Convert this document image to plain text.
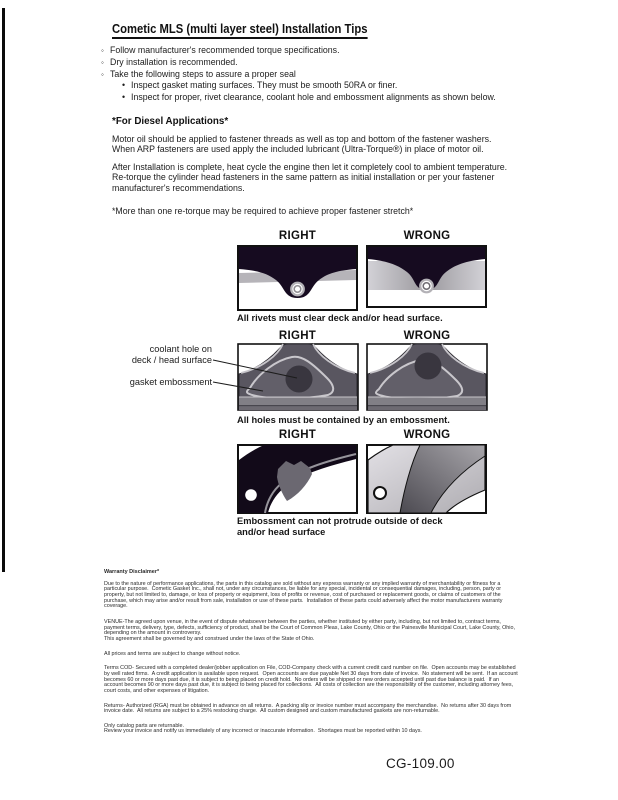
Cometic MLS (multi layer steel) Installation Tips
◦ Follow manufacturer's recommended torque specifications.
◦ Dry installation is recommended.
◦ Take the following steps to assure a proper seal
• Inspect gasket mating surfaces. They must be smooth 50RA or finer.
• Inspect for proper, rivet clearance, coolant hole and embossment alignments as shown below.
*For Diesel Applications*
Motor oil should be applied to fastener threads as well as top and bottom of the fastener washers. When ARP fasteners are used apply the included lubricant (Ultra-Torque®) in place of motor oil.
After Installation is complete, heat cycle the engine then let it completely cool to ambient temperature. Re-torque the cylinder head fasteners in the same pattern as initial installation or per your fastener manufacturer's recommendations.
*More than one re-torque may be required to achieve proper fastener stretch*
RIGHT	WRONG
All rivets must clear deck and/or head surface.
RIGHT	WRONG
coolant hole on
deck / head surface
gasket embossment
All holes must be contained by an embossment.
RIGHT	WRONG
Embossment can not protrude outside of deck
and/or head surface

Warranty Disclaimer*

Due to the nature of performance applications, the parts in this catalog are sold without any express warranty or any implied warranty of merchantability or fitness for a particular purpose.  Cometic Gasket Inc., shall not, under any circumstances, be liable for any special, incidental or consequential damages, including, person, party or property, but not limited to, damage, or loss of property or equipment, loss of profits or revenue, cost of purchased or replacement goods, or claims of customers of the purchase, which may arise and/or result from sale, installation or use of these parts.  Installation of these parts could adversely affect the motor manufacturers warranty coverage.

VENUE-The agreed upon venue, in the event of dispute whatsoever between the parties, whether instituted by either party, including, but not limited to, contract terms, payment terms, delivery, type, defects, sufficiency of product, shall be the Court of Common Pleas, Lake County, Ohio or the Painesville Municipal Court, Lake County, Ohio, depending on the amount in controversy.

This agreement shall be governed by and construed under the laws of the State of Ohio.

All prices and terms are subject to change without notice.

Terms COD- Secured with a completed dealer/jobber application on File, COD-Company check with a current credit card number on file.  Open accounts may be established by well rated firms.  A credit application is available upon request.  Open accounts are due payable Net 30 days from date of invoice.  No statement will be sent.  If an account becomes 60 or more days past due, it is subject to being placed on credit hold.  No orders will be shipped or new orders accepted until past due balance is paid.  If an account becomes 90 or more days past due, it is subject to being placed for collections.  All costs of collection are the responsibility of the customer, including attorney fees, court costs, and other expenses of litigation.

Returns- Authorized (RGA) must be obtained in advance on all returns.  A packing slip or invoice number must accompany the merchandise.  No returns after 30 days from invoice date.  All returns are subject to a 25% restocking charge.  All custom designed and custom manufactured gaskets are non-returnable.

Only catalog parts are returnable.

Review your invoice and notify us immediately of any incorrect or inaccurate information.  Shortages must be reported within 10 days.

CG-109.00
